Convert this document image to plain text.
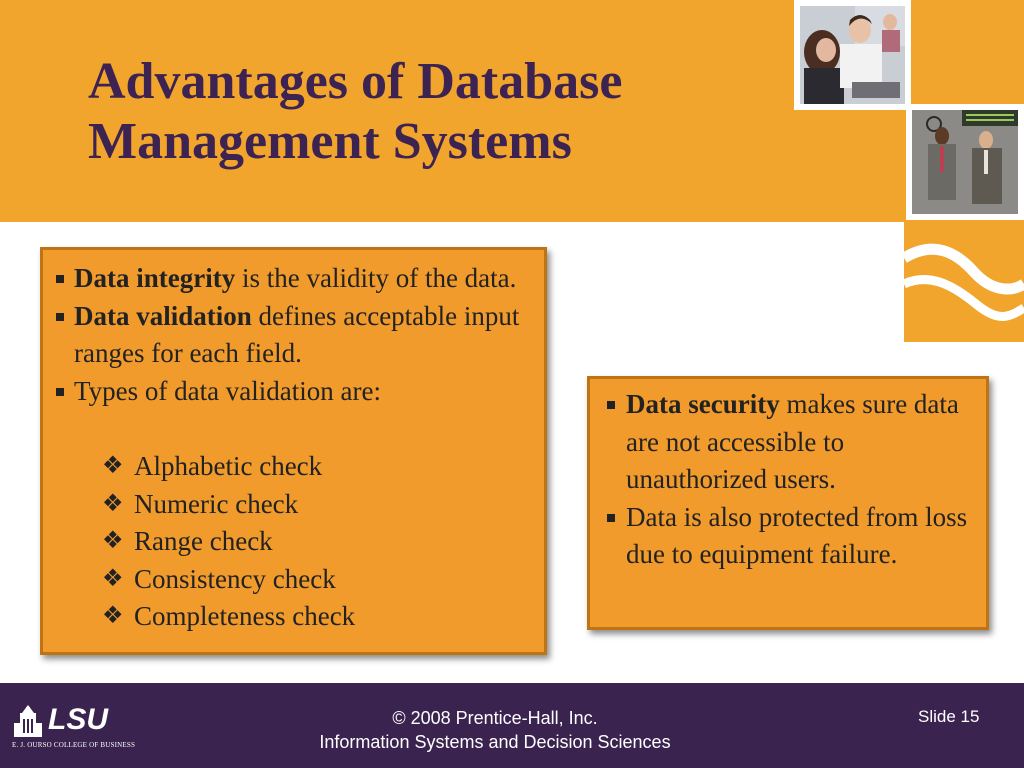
Advantages of Database
Management Systems
Data integrity is the validity of the data.
Data validation defines acceptable input ranges for each field.
Types of data validation are:
❖ Alphabetic check
❖ Numeric check
❖ Range check
❖ Consistency check
❖ Completeness check
Data security makes sure data are not accessible to unauthorized users.
Data is also protected from loss due to equipment failure.
LSU
E. J. OURSO COLLEGE OF BUSINESS
© 2008 Prentice-Hall, Inc.
Information Systems and Decision Sciences
Slide 15
